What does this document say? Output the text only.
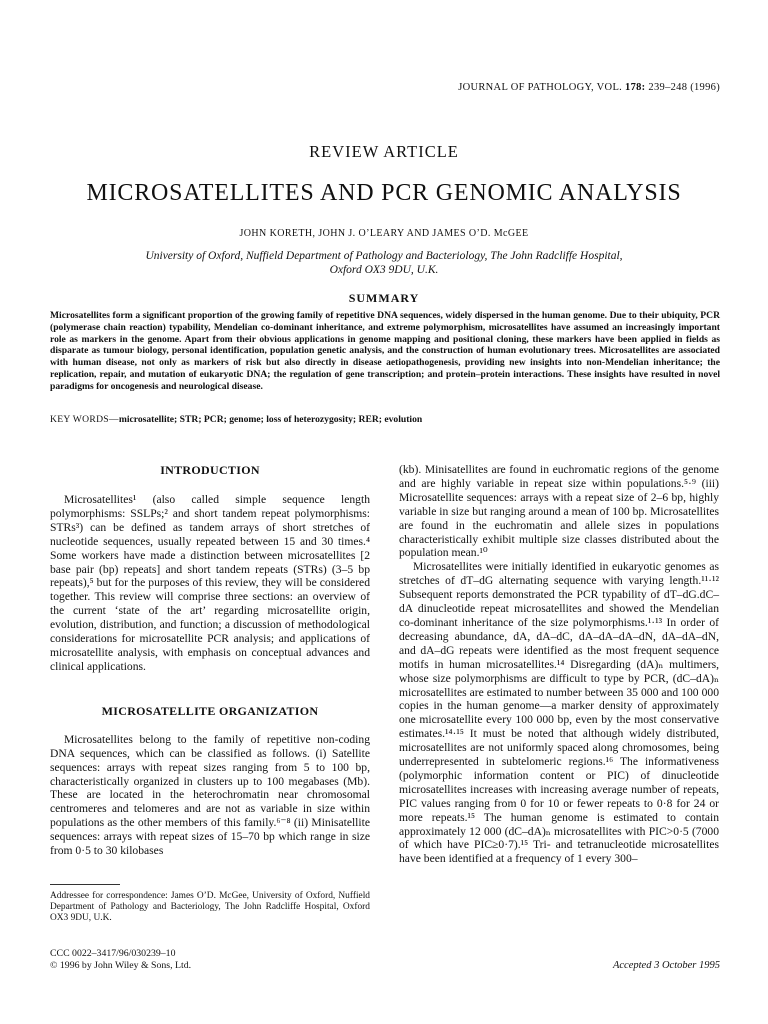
JOURNAL OF PATHOLOGY, VOL. 178: 239–248 (1996)
REVIEW ARTICLE
MICROSATELLITES AND PCR GENOMIC ANALYSIS
JOHN KORETH, JOHN J. O’LEARY AND JAMES O’D. McGEE
University of Oxford, Nuffield Department of Pathology and Bacteriology, The John Radcliffe Hospital,
Oxford OX3 9DU, U.K.
SUMMARY
Microsatellites form a significant proportion of the growing family of repetitive DNA sequences, widely dispersed in the human genome. Due to their ubiquity, PCR (polymerase chain reaction) typability, Mendelian co-dominant inheritance, and extreme polymorphism, microsatellites have assumed an increasingly important role as markers in the genome. Apart from their obvious applications in genome mapping and positional cloning, these markers have been applied in fields as disparate as tumour biology, personal identification, population genetic analysis, and the construction of human evolutionary trees. Microsatellites are associated with human disease, not only as markers of risk but also directly in disease aetiopathogenesis, providing new insights into non-Mendelian inheritance; the replication, repair, and mutation of eukaryotic DNA; the regulation of gene transcription; and protein–protein interactions. These insights have resulted in novel paradigms for oncogenesis and neurological disease.
KEY WORDS—microsatellite; STR; PCR; genome; loss of heterozygosity; RER; evolution
INTRODUCTION

Microsatellites¹ (also called simple sequence length polymorphisms: SSLPs;² and short tandem repeat polymorphisms: STRs³) can be defined as tandem arrays of short stretches of nucleotide sequences, usually repeated between 15 and 30 times.⁴ Some workers have made a distinction between microsatellites [2 base pair (bp) repeats] and short tandem repeats (STRs) (3–5 bp repeats),⁵ but for the purposes of this review, they will be considered together. This review will comprise three sections: an overview of the current ‘state of the art’ regarding microsatellite origin, evolution, distribution, and function; a discussion of methodological considerations for microsatellite PCR analysis; and applications of microsatellite analysis, with emphasis on conceptual advances and clinical applications.

MICROSATELLITE ORGANIZATION

Microsatellites belong to the family of repetitive non-coding DNA sequences, which can be classified as follows. (i) Satellite sequences: arrays with repeat sizes ranging from 5 to 100 bp, characteristically organized in clusters up to 100 megabases (Mb). These are located in the heterochromatin near chromosomal centromeres and telomeres and are not as variable in size within populations as the other members of this family.⁶⁻⁸ (ii) Minisatellite sequences: arrays with repeat sizes of 15–70 bp which range in size from 0·5 to 30 kilobases

(kb). Minisatellites are found in euchromatic regions of the genome and are highly variable in repeat size within populations.⁵·⁹ (iii) Microsatellite sequences: arrays with a repeat size of 2–6 bp, highly variable in size but ranging around a mean of 100 bp. Microsatellites are found in the euchromatin and allele sizes in populations characteristically exhibit multiple size classes distributed about the population mean.¹⁰

Microsatellites were initially identified in eukaryotic genomes as stretches of dT–dG alternating sequence with varying length.¹¹·¹² Subsequent reports demonstrated the PCR typability of dT–dG.dC–dA dinucleotide repeat microsatellites and showed the Mendelian co-dominant inheritance of the size polymorphisms.¹·¹³ In order of decreasing abundance, dA, dA–dC, dA–dA–dA–dN, dA–dA–dN, and dA–dG repeats were identified as the most frequent sequence motifs in human microsatellites.¹⁴ Disregarding (dA)ₙ multimers, whose size polymorphisms are difficult to type by PCR, (dC–dA)ₙ microsatellites are estimated to number between 35 000 and 100 000 copies in the human genome—a marker density of approximately one microsatellite every 100 000 bp, even by the most conservative estimates.¹⁴·¹⁵ It must be noted that although widely distributed, microsatellites are not uniformly spaced along chromosomes, being underrepresented in subtelomeric regions.¹⁶ The informativeness (polymorphic information content or PIC) of dinucleotide microsatellites increases with increasing average number of repeats, PIC values ranging from 0 for 10 or fewer repeats to 0·8 for 24 or more repeats.¹⁵ The human genome is estimated to contain approximately 12 000 (dC–dA)ₙ microsatellites with PIC>0·5 (7000 of which have PIC≥0·7).¹⁵ Tri- and tetranucleotide microsatellites have been identified at a frequency of 1 every 300–

Addressee for correspondence: James O’D. McGee, University of Oxford, Nuffield Department of Pathology and Bacteriology, The John Radcliffe Hospital, Oxford OX3 9DU, U.K.
CCC 0022–3417/96/030239–10
© 1996 by John Wiley & Sons, Ltd.	Accepted 3 October 1995
